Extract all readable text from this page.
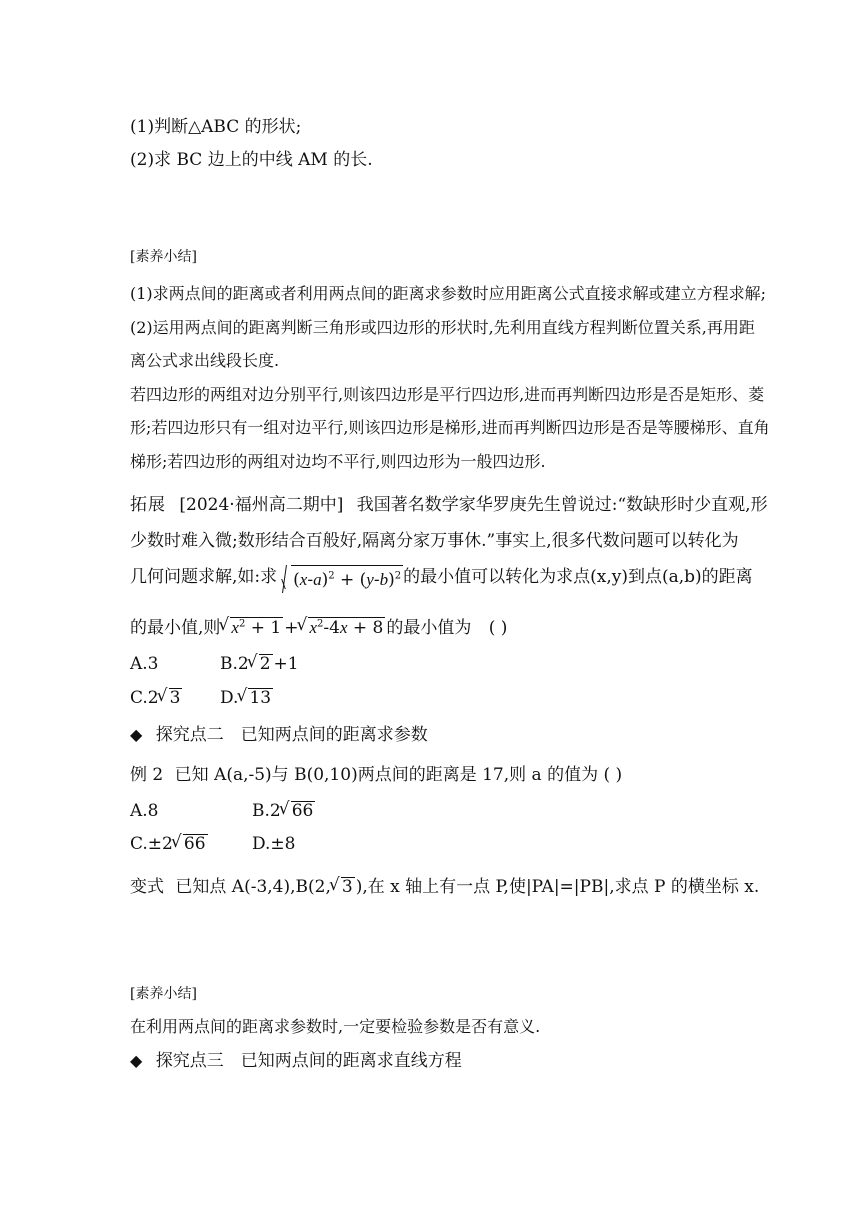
(1)判断△ABC 的形状;
(2)求 BC 边上的中线 AM 的长.
[素养小结]
(1)求两点间的距离或者利用两点间的距离求参数时应用距离公式直接求解或建立方程求解;
(2)运用两点间的距离判断三角形或四边形的形状时,先利用直线方程判断位置关系,再用距
离公式求出线段长度.
若四边形的两组对边分别平行,则该四边形是平行四边形,进而再判断四边形是否是矩形、菱
形;若四边形只有一组对边平行,则该四边形是梯形,进而再判断四边形是否是等腰梯形、直角
梯形;若四边形的两组对边均不平行,则四边形为一般四边形.
拓展 [2024·福州高二期中] 我国著名数学家华罗庚先生曾说过:“数缺形时少直观,形
少数时难入微;数形结合百般好,隔离分家万事休.”事实上,很多代数问题可以转化为
几何问题求解,如:求 $(x-a)^2 + (y-b)^2$ 的最小值可以转化为求点(x,y)到点(a,b)的距离
的最小值,则 √ $x^2 + 1$ + √ $x^2-4x + 8$ 的最小值为 ( )
A.3	B.2 √ 2 +1
C.2 √ 3 D. √ 13
◆ 探究点二　已知两点间的距离求参数
例 2 已知 A(a,-5)与 B(0,10)两点间的距离是 17,则 a 的值为 ( )
A.8	B.2 √ 66
C.±2 √ 66	D.±8
变式 已知点 A(-3,4),B(2, √ 3 ),在 x 轴上有一点 P,使|PA|=|PB|,求点 P 的横坐标 x.
[素养小结]
在利用两点间的距离求参数时,一定要检验参数是否有意义.
◆ 探究点三　已知两点间的距离求直线方程
